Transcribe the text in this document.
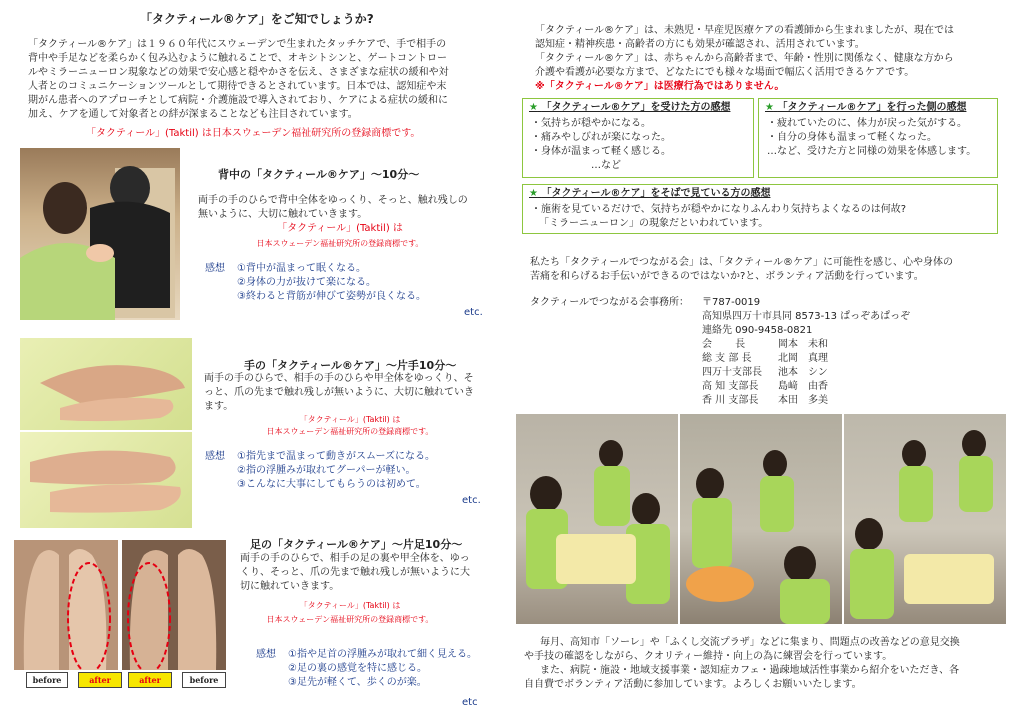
「タクティール®ケア」をご知でしょうか?
「タクティール®ケア」は１９６０年代にスウェーデンで生まれたタッチケアで、手で相手の
背中や手足などを柔らかく包み込むように触れることで、オキシトシンと、ゲートコントロー
ルやミラーニューロン現象などの効果で安心感と穏やかさを伝え、さまざまな症状の緩和や対
人者とのコミュニケーションツールとして期待できるとされています。日本では、認知症や末
期がん患者へのアプローチとして病院・介護施設で導入されており、ケアによる症状の緩和に
加え、ケアを通して対象者との絆が深まることなども注目されています。
「タクティール」(Taktil) は日本スウェーデン福祉研究所の登録商標です。
背中の「タクティール®ケア」〜10分〜
両手の手のひらで背中全体をゆっくり、そっと、触れ残しの
無いように、大切に触れていきます。
「タクティール」(Taktil) は
日本スウェーデン福祉研究所の登録商標です。
感想 ①背中が温まって眠くなる。
②身体の力が抜けて楽になる。
③終わると背筋が伸びて姿勢が良くなる。
etc.
手の「タクティール®ケア」〜片手10分〜
両手の手のひらで、相手の手のひらや甲全体をゆっくり、そ
っと、爪の先まで触れ残しが無いように、大切に触れていき
ます。
「タクティール」(Taktil) は
日本スウェーデン福祉研究所の登録商標です。
感想 ①指先まで温まって動きがスムーズになる。
②指の浮腫みが取れてグーパーが軽い。
③こんなに大事にしてもらうのは初めて。
etc.
before	after	after	before
足の「タクティール®ケア」〜片足10分〜
両手の手のひらで、相手の足の裏や甲全体を、ゆっ
くり、そっと、爪の先まで触れ残しが無いように大
切に触れていきます。
「タクティール」(Taktil) は
日本スウェーデン福祉研究所の登録商標です。
感想 ①指や足首の浮腫みが取れて細く見える。
②足の裏の感覚を特に感じる。
③足先が軽くて、歩くのが楽。
etc
「タクティール®ケア」は、未熟児・早産児医療ケアの看護師から生まれましたが、現在では
認知症・精神疾患・高齢者の方にも効果が確認され、活用されています。
「タクティール®ケア」は、赤ちゃんから高齢者まで、年齢・性別に関係なく、健康な方から
介護や看護が必要な方まで、どなたにでも様々な場面で幅広く活用できるケアです。
※「タクティール®ケア」は医療行為ではありません。
★ 「タクティール®ケア」を受けた方の感想
・気持ちが穏やかになる。
・痛みやしびれが楽になった。
・身体が温まって軽く感じる。
…など
★ 「タクティール®ケア」を行った側の感想
・疲れていたのに、体力が戻った気がする。
・自分の身体も温まって軽くなった。
…など、受けた方と同様の効果を体感します。
★ 「タクティール®ケア」をそばで見ている方の感想
・施術を見ているだけで、気持ちが穏やかになりふんわり気持ちよくなるのは何故?
「ミラーニューロン」の現象だといわれています。
私たち「タクティールでつながる会」は、「タクティール®ケア」に可能性を感じ、心や身体の
苦痛を和らげるお手伝いができるのではないか?と、ボランティア活動を行っています。
タクティールでつながる会事務所： 〒787-0019
高知県四万十市具同 8573-13 ぱっぞあぱっぞ
連絡先 090-9458-0821
会　　 長	岡本　未和
総 支 部 長	北岡　真理
四万十支部長 池本　シン
高 知 支部長 島﨑　由香
香 川 支部長 本田　多美
毎月、高知市「ソーレ」や「ふくし交流プラザ」などに集まり、問題点の改善などの意見交換
や手技の確認をしながら、クオリティー維持・向上の為に練習会を行っています。
また、病院・施設・地域支援事業・認知症カフェ・過疎地域活性事業から紹介をいただき、各
自自費でボランティア活動に参加しています。よろしくお願いいたします。
